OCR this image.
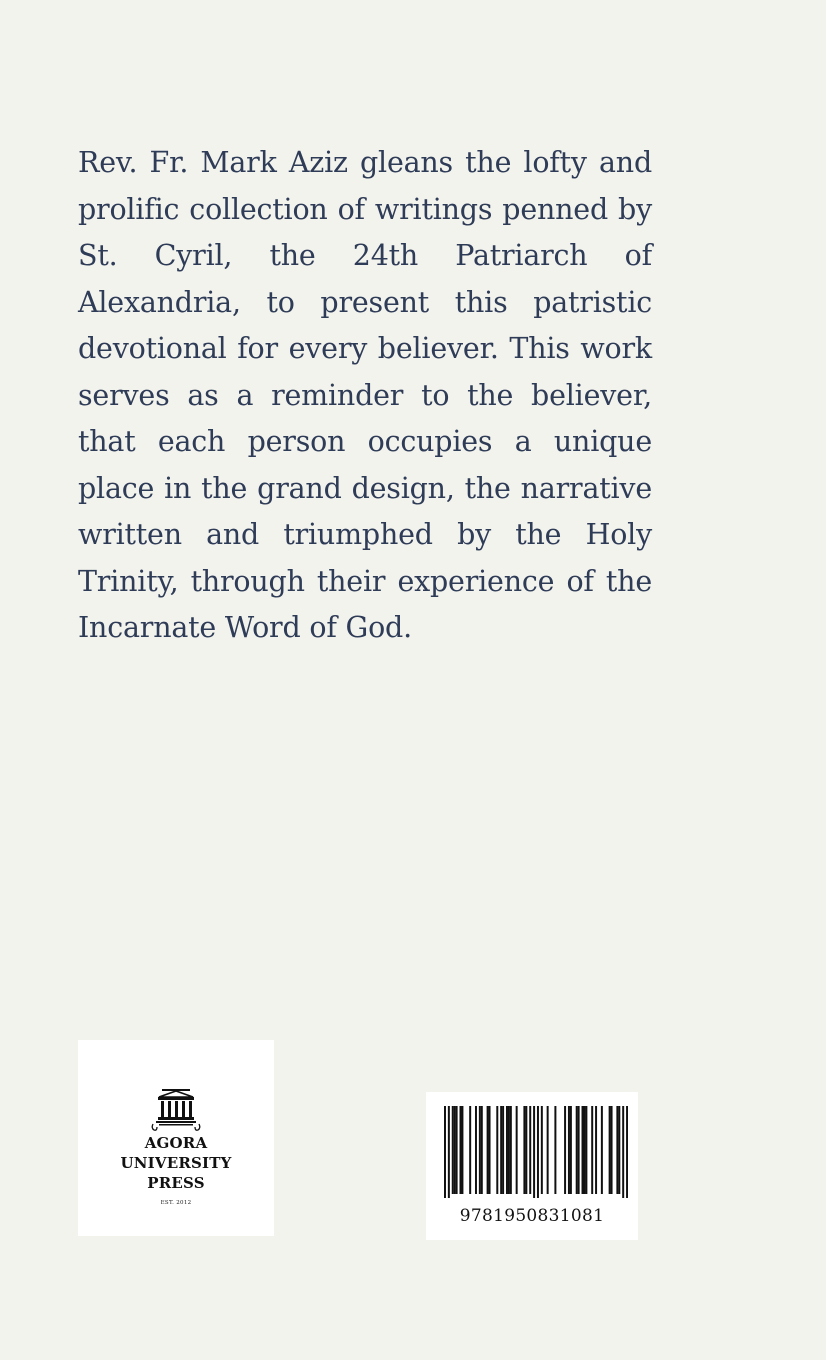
Rev. Fr. Mark Aziz gleans the lofty and prolific collection of writings penned by St. Cyril, the 24th Patriarch of Alexandria, to present this patristic devotional for every believer. This work serves as a reminder to the believer, that each person occupies a unique place in the grand design, the narrative written and triumphed by the Holy Trinity, through their experience of the Incarnate Word of God.

AGORA
UNIVERSITY
PRESS
EST. 2012
9781950831081
